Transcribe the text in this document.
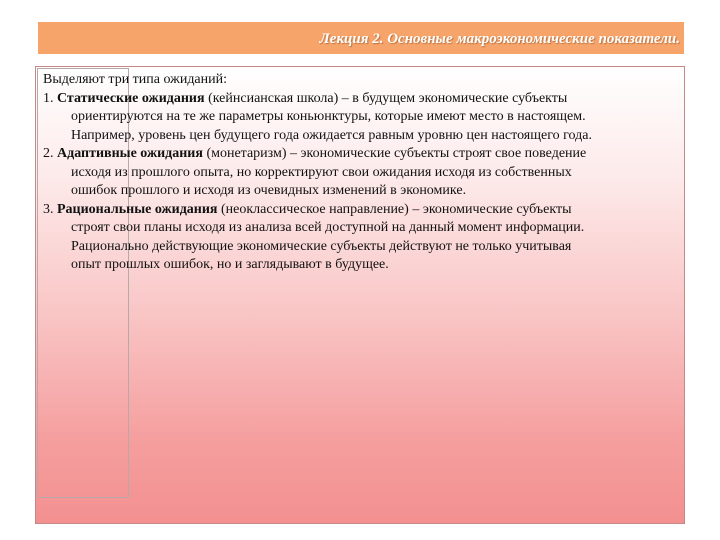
Лекция 2. Основные макроэкономические показатели.

Выделяют три типа ожиданий:

1. Статические ожидания (кейнсианская школа) – в будущем экономические субъекты

ориентируются на те же параметры коньюнктуры, которые имеют место в настоящем.

Например, уровень цен будущего года ожидается равным уровню цен настоящего года.

2. Адаптивные ожидания (монетаризм) – экономические субъекты строят свое поведение

исходя из прошлого опыта, но корректируют свои ожидания исходя из собственных

ошибок прошлого и исходя из очевидных изменений в экономике.

3. Рациональные ожидания (неоклассическое направление) – экономические субъекты

строят свои планы исходя из анализа всей доступной на данный момент информации.

Рационально действующие экономические субъекты действуют не только учитывая

опыт прошлых ошибок, но и заглядывают в будущее.
